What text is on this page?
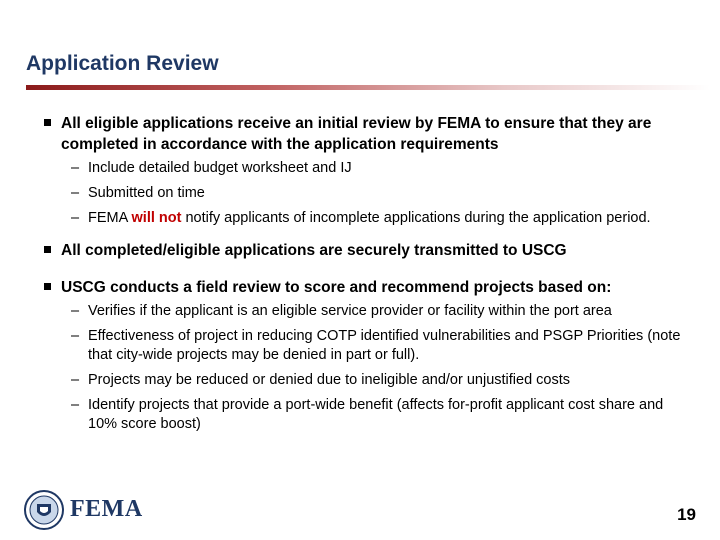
Application Review
All eligible applications receive an initial review by FEMA to ensure that they are completed in accordance with the application requirements
– Include detailed budget worksheet and IJ
– Submitted on time
– FEMA will not notify applicants of incomplete applications during the application period.
All completed/eligible applications are securely transmitted to USCG
USCG conducts a field review to score and recommend projects based on:
– Verifies if the applicant is an eligible service provider or facility within the port area
– Effectiveness of project in reducing COTP identified vulnerabilities and PSGP Priorities (note that city-wide projects may be denied in part or full).
– Projects may be reduced or denied due to ineligible and/or unjustified costs
– Identify projects that provide a port-wide benefit (affects for-profit applicant cost share and 10% score boost)
FEMA	19
